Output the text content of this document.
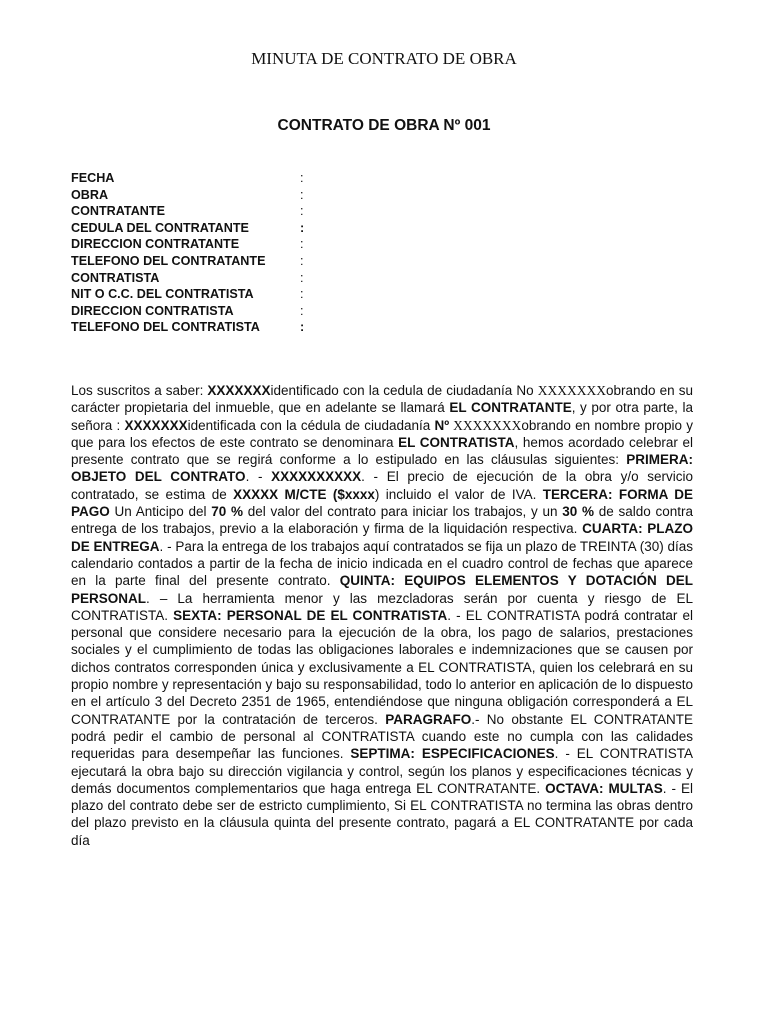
MINUTA DE CONTRATO DE OBRA
CONTRATO DE OBRA Nº 001
FECHA	:
OBRA	:
CONTRATANTE	:
CEDULA DEL CONTRATANTE	:
DIRECCION CONTRATANTE	:
TELEFONO DEL CONTRATANTE	:
CONTRATISTA	:
NIT O C.C. DEL CONTRATISTA	:
DIRECCION CONTRATISTA	:
TELEFONO DEL CONTRATISTA	:

Los suscritos a saber: XXXXXXXidentificado con la cedula de ciudadanía No XXXXXXXobrando en su carácter propietaria del inmueble, que en adelante se llamará EL CONTRATANTE, y por otra parte, la señora : XXXXXXXidentificada con la cédula de ciudadanía Nº XXXXXXXobrando en nombre propio y que para los efectos de este contrato se denominara EL CONTRATISTA, hemos acordado celebrar el presente contrato que se regirá conforme a lo estipulado en las cláusulas siguientes: PRIMERA: OBJETO DEL CONTRATO. - XXXXXXXXXX. - El precio de ejecución de la obra y/o servicio contratado, se estima de XXXXX M/CTE ($xxxx) incluido el valor de IVA. TERCERA: FORMA DE PAGO Un Anticipo del 70 % del valor del contrato para iniciar los trabajos, y un 30 % de saldo contra entrega de los trabajos, previo a la elaboración y firma de la liquidación respectiva. CUARTA: PLAZO DE ENTREGA. - Para la entrega de los trabajos aquí contratados se fija un plazo de TREINTA (30) días calendario contados a partir de la fecha de inicio indicada en el cuadro control de fechas que aparece en la parte final del presente contrato. QUINTA: EQUIPOS ELEMENTOS Y DOTACIÓN DEL PERSONAL. – La herramienta menor y las mezcladoras serán por cuenta y riesgo de EL CONTRATISTA. SEXTA: PERSONAL DE EL CONTRATISTA. - EL CONTRATISTA podrá contratar el personal que considere necesario para la ejecución de la obra, los pago de salarios, prestaciones sociales y el cumplimiento de todas las obligaciones laborales e indemnizaciones que se causen por dichos contratos corresponden única y exclusivamente a EL CONTRATISTA, quien los celebrará en su propio nombre y representación y bajo su responsabilidad, todo lo anterior en aplicación de lo dispuesto en el artículo 3 del Decreto 2351 de 1965, entendiéndose que ninguna obligación corresponderá a EL CONTRATANTE por la contratación de terceros. PARAGRAFO.- No obstante EL CONTRATANTE podrá pedir el cambio de personal al CONTRATISTA cuando este no cumpla con las calidades requeridas para desempeñar las funciones. SEPTIMA: ESPECIFICACIONES. - EL CONTRATISTA ejecutará la obra bajo su dirección vigilancia y control, según los planos y especificaciones técnicas y demás documentos complementarios que haga entrega EL CONTRATANTE. OCTAVA: MULTAS. - El plazo del contrato debe ser de estricto cumplimiento, Si EL CONTRATISTA no termina las obras dentro del plazo previsto en la cláusula quinta del presente contrato, pagará a EL CONTRATANTE por cada día
